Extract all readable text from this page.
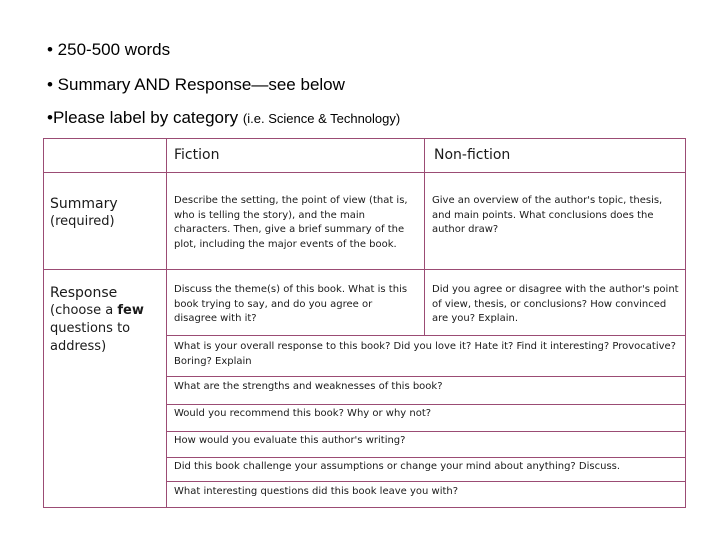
• 250-500 words
• Summary AND Response—see below
•Please label by category (i.e. Science & Technology)
Fiction	Non-fiction
Summary
(required)
Describe the setting, the point of view (that is, who is telling the story), and the main characters. Then, give a brief summary of the plot, including the major events of the book.
Give an overview of the author's topic, thesis, and main points. What conclusions does the author draw?
Response
(choose a few questions to address)
Discuss the theme(s) of this book. What is this book trying to say, and do you agree or disagree with it?
Did you agree or disagree with the author's point of view, thesis, or conclusions? How convinced are you? Explain.
What is your overall response to this book? Did you love it? Hate it? Find it interesting? Provocative? Boring? Explain
What are the strengths and weaknesses of this book?
Would you recommend this book? Why or why not?
How would you evaluate this author's writing?
Did this book challenge your assumptions or change your mind about anything? Discuss.
What interesting questions did this book leave you with?
